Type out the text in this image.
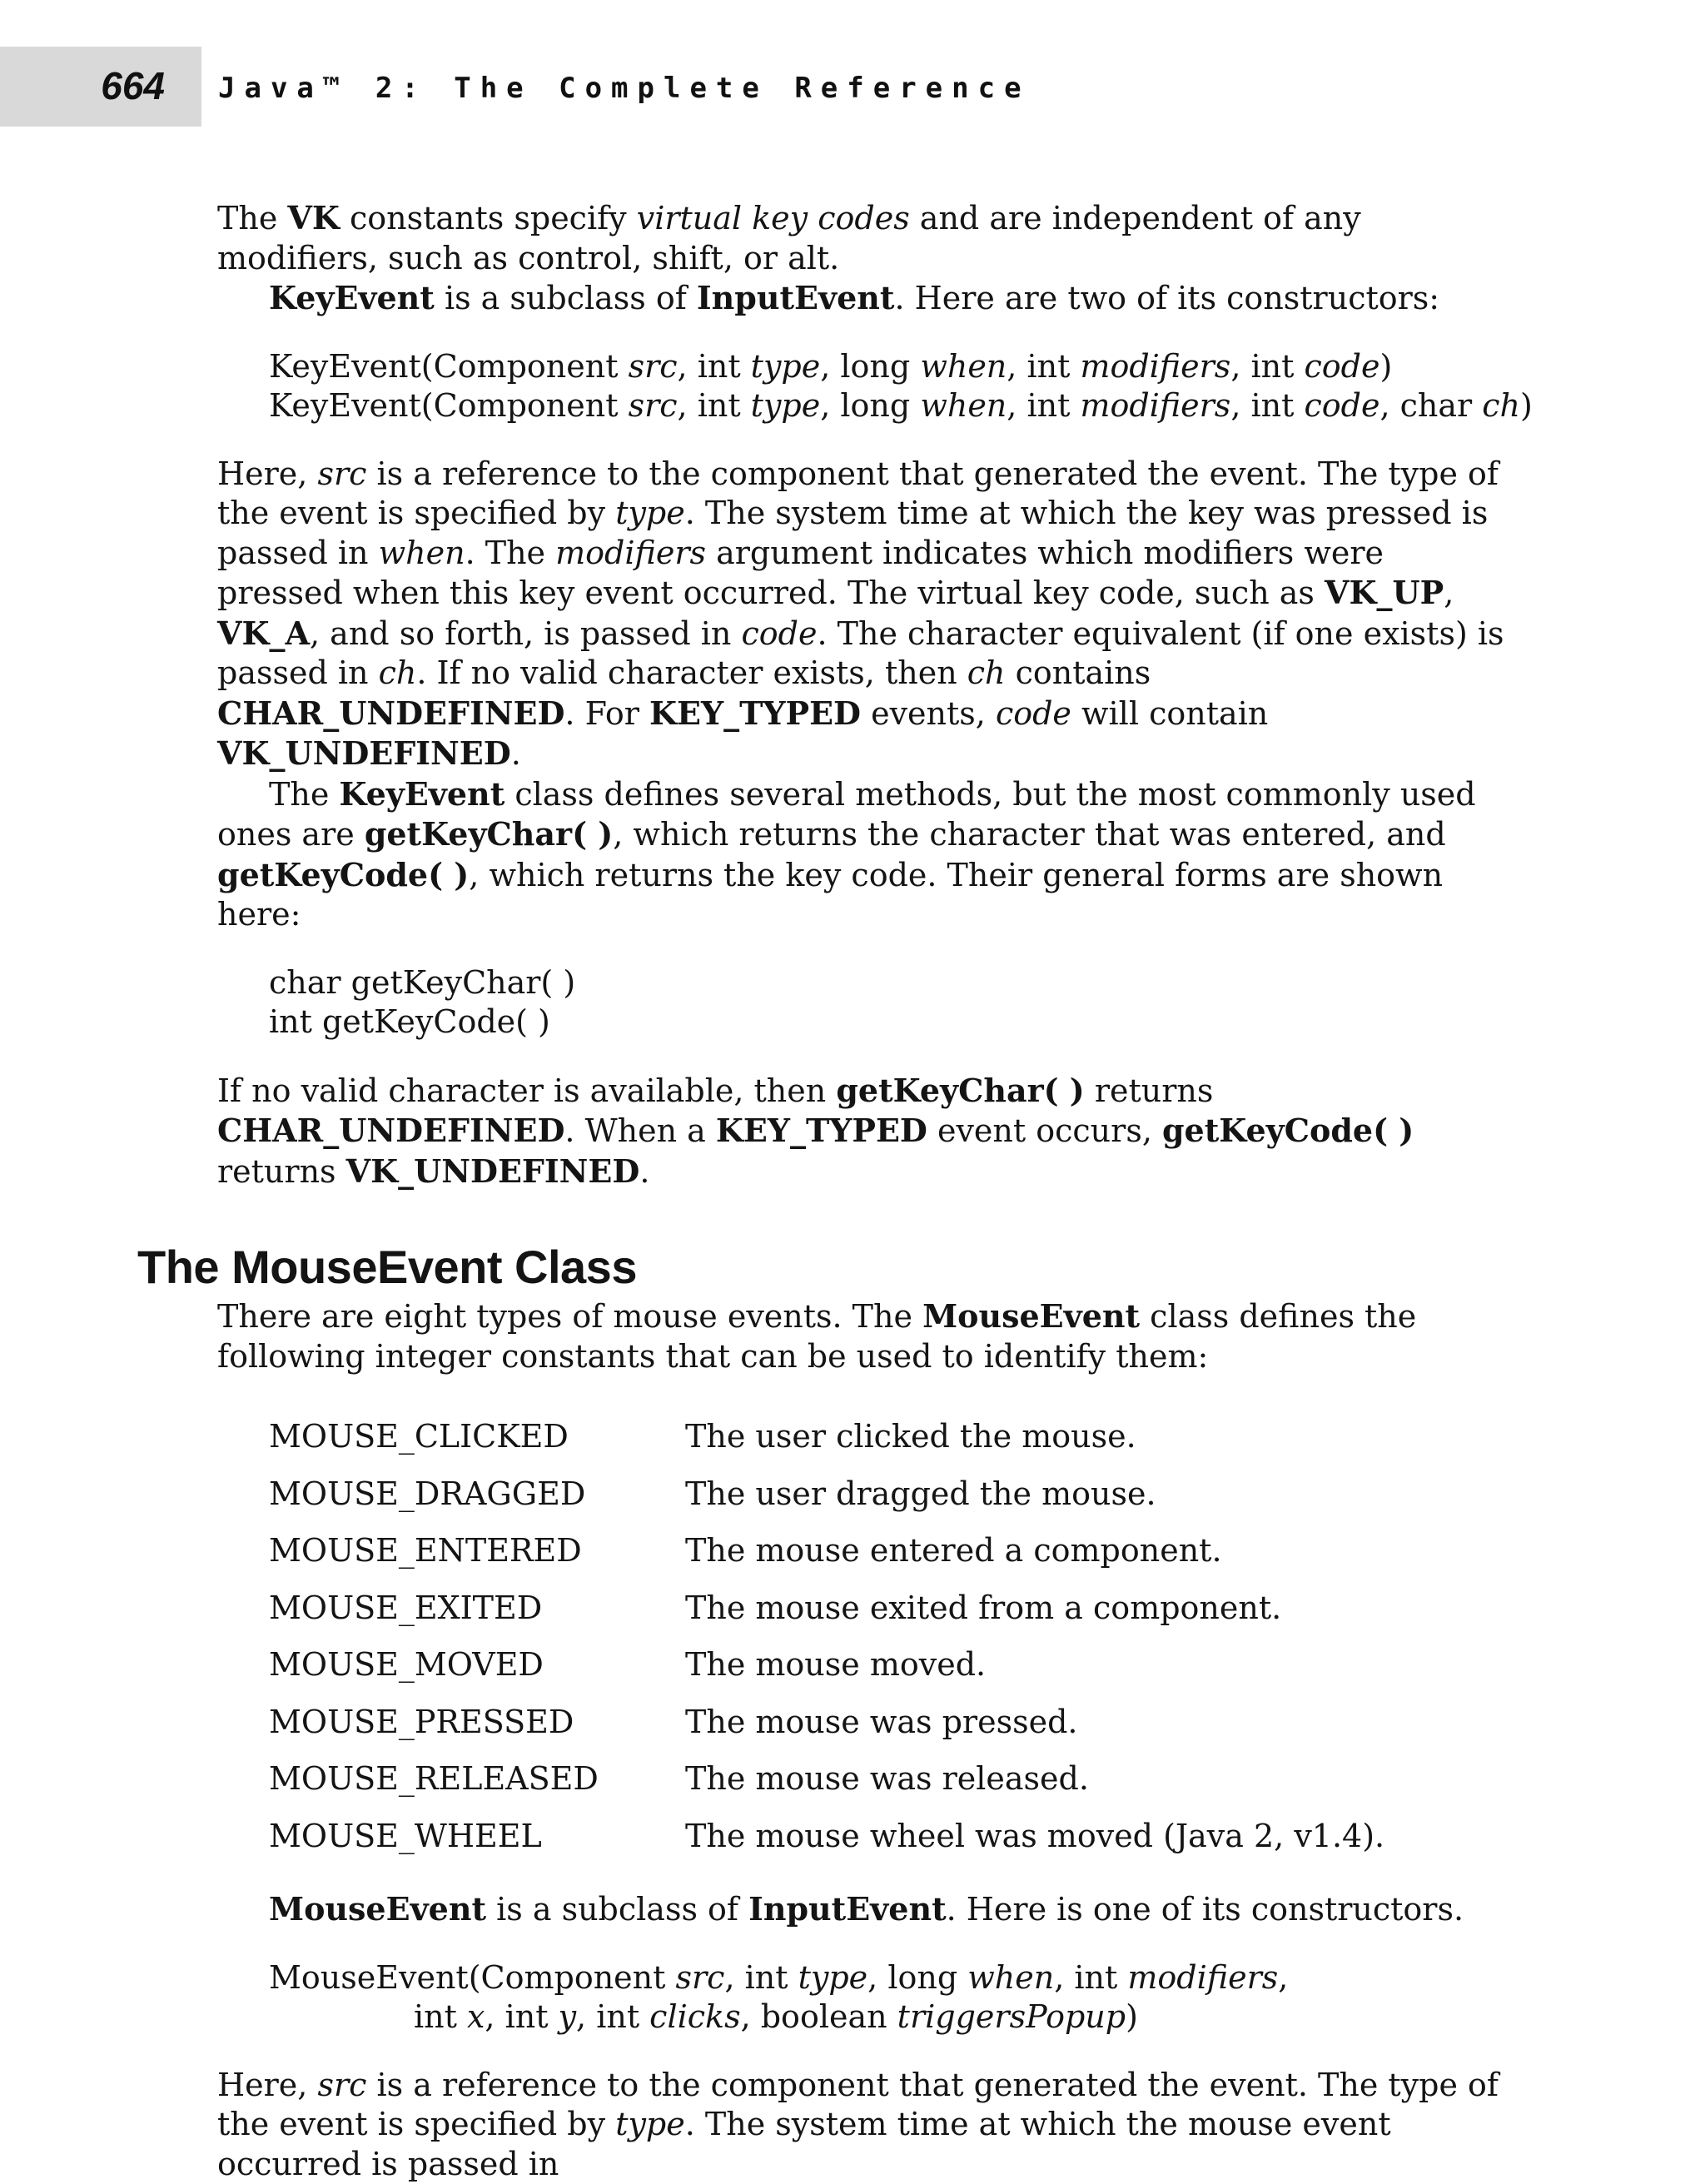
664 Java™ 2: The Complete Reference

The VK constants specify virtual key codes and are independent of any modifiers, such as control, shift, or alt.

KeyEvent is a subclass of InputEvent. Here are two of its constructors:

KeyEvent(Component src, int type, long when, int modifiers, int code)
KeyEvent(Component src, int type, long when, int modifiers, int code, char ch)

Here, src is a reference to the component that generated the event. The type of the event is specified by type. The system time at which the key was pressed is passed in when. The modifiers argument indicates which modifiers were pressed when this key event occurred. The virtual key code, such as VK_UP, VK_A, and so forth, is passed in code. The character equivalent (if one exists) is passed in ch. If no valid character exists, then ch contains CHAR_UNDEFINED. For KEY_TYPED events, code will contain VK_UNDEFINED.

The KeyEvent class defines several methods, but the most commonly used ones are getKeyChar( ), which returns the character that was entered, and getKeyCode( ), which returns the key code. Their general forms are shown here:

char getKeyChar( )
int getKeyCode( )

If no valid character is available, then getKeyChar( ) returns CHAR_UNDEFINED. When a KEY_TYPED event occurs, getKeyCode( ) returns VK_UNDEFINED.

The MouseEvent Class

There are eight types of mouse events. The MouseEvent class defines the following integer constants that can be used to identify them:

MOUSE_CLICKED	The user clicked the mouse.
MOUSE_DRAGGED	The user dragged the mouse.
MOUSE_ENTERED	The mouse entered a component.
MOUSE_EXITED	The mouse exited from a component.
MOUSE_MOVED	The mouse moved.
MOUSE_PRESSED	The mouse was pressed.
MOUSE_RELEASED	The mouse was released.
MOUSE_WHEEL	The mouse wheel was moved (Java 2, v1.4).

MouseEvent is a subclass of InputEvent. Here is one of its constructors.

MouseEvent(Component src, int type, long when, int modifiers,
int x, int y, int clicks, boolean triggersPopup)

Here, src is a reference to the component that generated the event. The type of the event is specified by type. The system time at which the mouse event occurred is passed in
